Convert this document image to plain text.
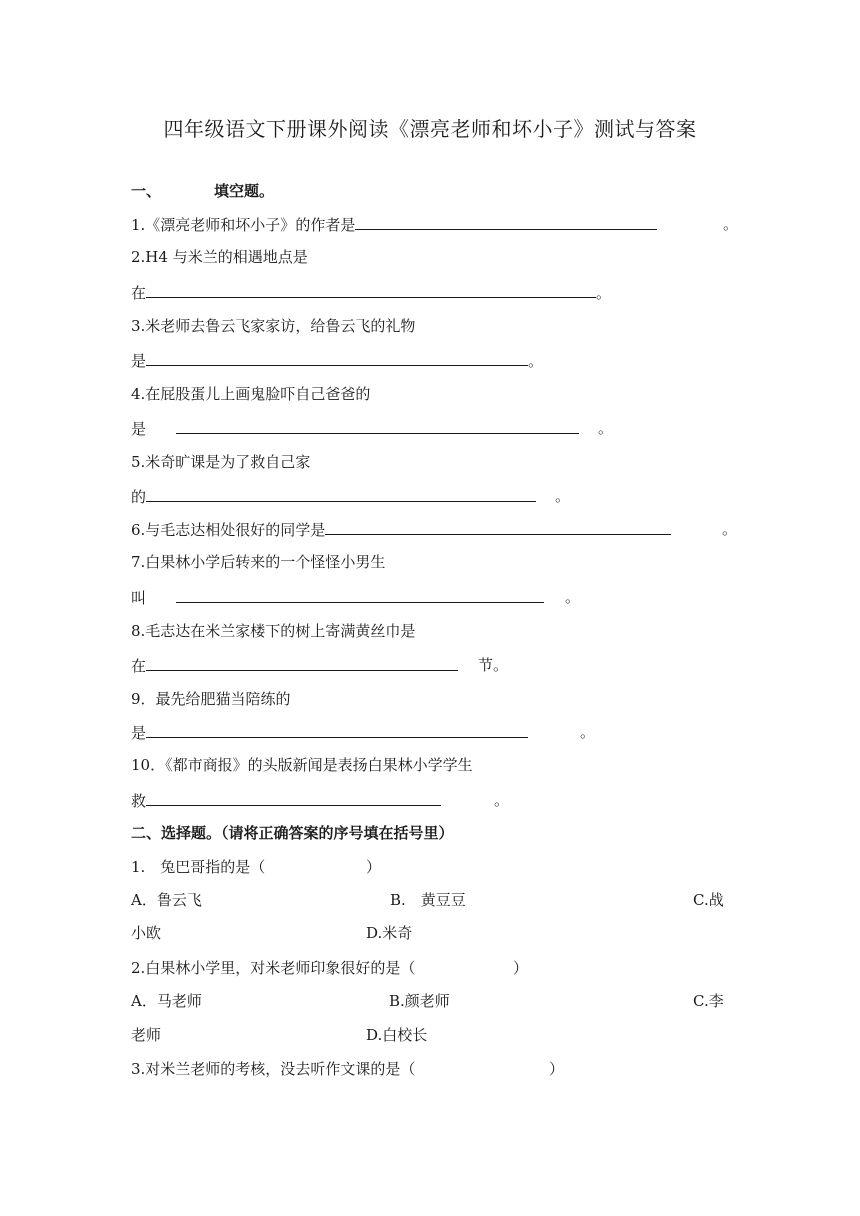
四年级语文下册课外阅读《漂亮老师和坏小子》测试与答案
一、	填空题。
1.《漂亮老师和坏小子》的作者是	。
2.H4 与米兰的相遇地点是
在	。
3.米老师去鲁云飞家家访，给鲁云飞的礼物
是	。
4.在屁股蛋儿上画鬼脸吓自己爸爸的
是	。
5.米奇旷课是为了救自己家
的	。
6.与毛志达相处很好的同学是	。
7.白果林小学后转来的一个怪怪小男生
叫	。
8.毛志达在米兰家楼下的树上寄满黄丝巾是
在	节。
9．最先给肥猫当陪练的
是	。
10．《都市商报》的头版新闻是表扬白果林小学学生
救	。
二、选择题。（请将正确答案的序号填在括号里）
1.　兔巴哥指的是（	）
A．鲁云飞	B.　黄豆豆	C.战
小欧	D.米奇
2.白果林小学里，对米老师印象很好的是（	）
A．马老师	B.颜老师	C.李
老师	D.白校长
3.对米兰老师的考核，没去听作文课的是（	）
